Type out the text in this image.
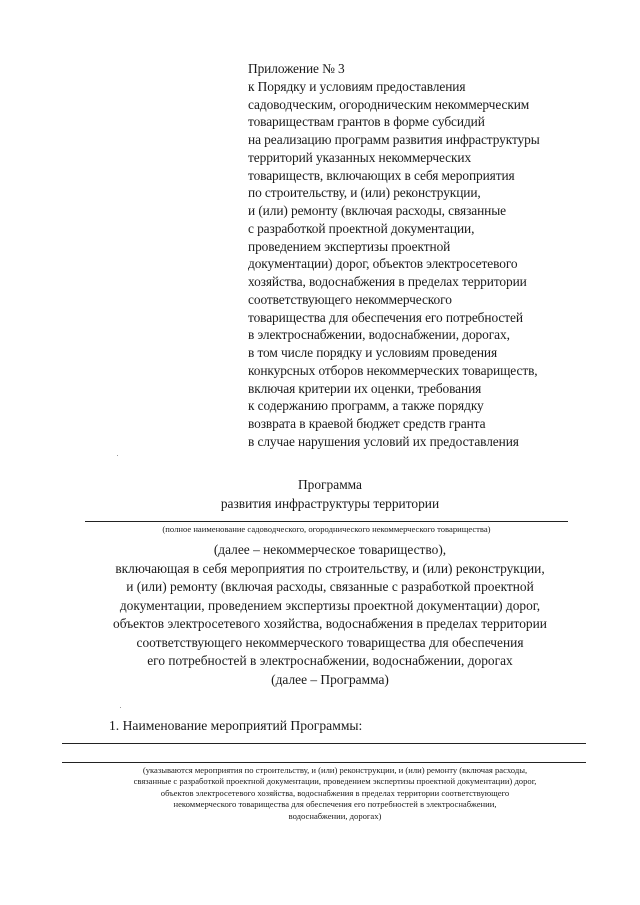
Приложение № 3
к Порядку и условиям предоставления
садоводческим, огородническим некоммерческим
товариществам грантов в форме субсидий
на реализацию программ развития инфраструктуры
территорий указанных некоммерческих
товариществ, включающих в себя мероприятия
по строительству, и (или) реконструкции,
и (или) ремонту (включая расходы, связанные
с разработкой проектной документации,
проведением экспертизы проектной
документации) дорог, объектов электросетевого
хозяйства, водоснабжения в пределах территории
соответствующего некоммерческого
товарищества для обеспечения его потребностей
в электроснабжении, водоснабжении, дорогах,
в том числе порядку и условиям проведения
конкурсных отборов некоммерческих товариществ,
включая критерии их оценки, требования
к содержанию программ, а также порядку
возврата в краевой бюджет средств гранта
в случае нарушения условий их предоставления
Программа
развития инфраструктуры территории
(полное наименование садоводческого, огороднического некоммерческого товарищества)
(далее – некоммерческое товарищество),
включающая в себя мероприятия по строительству, и (или) реконструкции,
и (или) ремонту (включая расходы, связанные с разработкой проектной
документации, проведением экспертизы проектной документации) дорог,
объектов электросетевого хозяйства, водоснабжения в пределах территории
соответствующего некоммерческого товарищества для обеспечения
его потребностей в электроснабжении, водоснабжении, дорогах
(далее – Программа)
1. Наименование мероприятий Программы:
(указываются мероприятия по строительству, и (или) реконструкции, и (или) ремонту (включая расходы,
связанные с разработкой проектной документации, проведением экспертизы проектной документации) дорог,
объектов электросетевого хозяйства, водоснабжения в пределах территории соответствующего
некоммерческого товарищества для обеспечения его потребностей в электроснабжении,
водоснабжении, дорогах)
